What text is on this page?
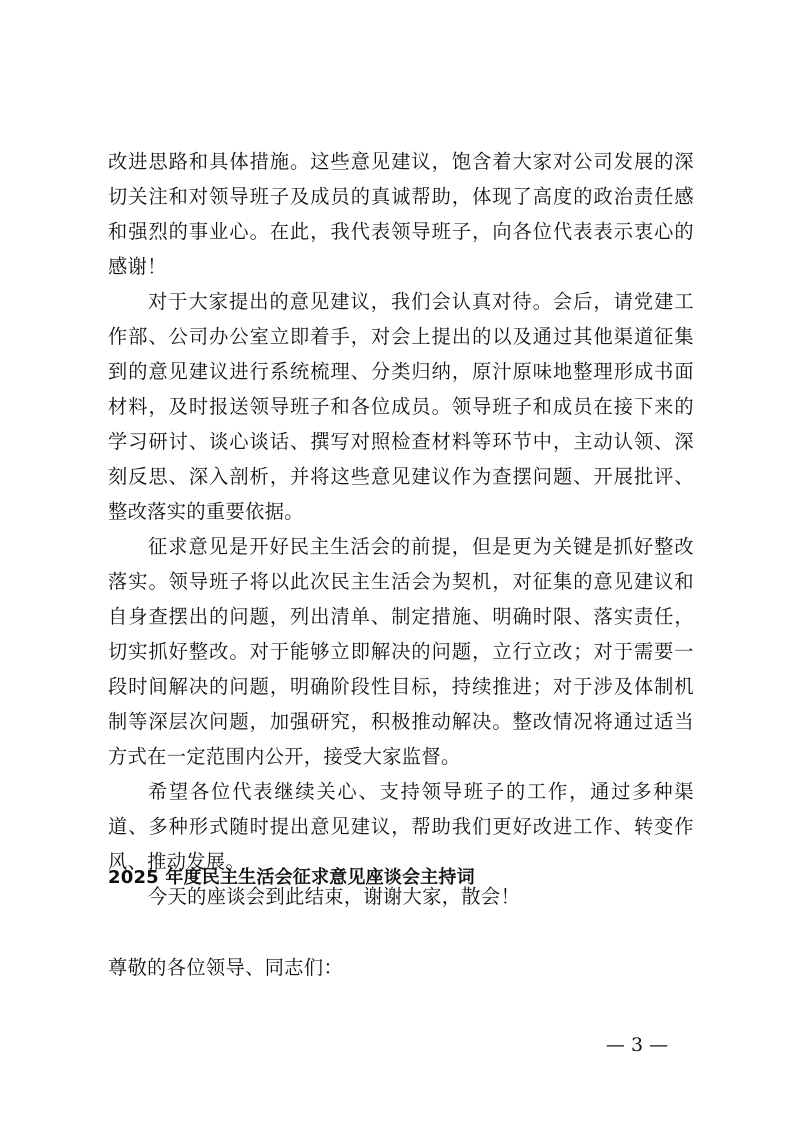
改进思路和具体措施。这些意见建议，饱含着大家对公司发展的深切关注和对领导班子及成员的真诚帮助，体现了高度的政治责任感和强烈的事业心。在此，我代表领导班子，向各位代表表示衷心的感谢！

对于大家提出的意见建议，我们会认真对待。会后，请党建工作部、公司办公室立即着手，对会上提出的以及通过其他渠道征集到的意见建议进行系统梳理、分类归纳，原汁原味地整理形成书面材料，及时报送领导班子和各位成员。领导班子和成员在接下来的学习研讨、谈心谈话、撰写对照检查材料等环节中，主动认领、深刻反思、深入剖析，并将这些意见建议作为查摆问题、开展批评、整改落实的重要依据。

征求意见是开好民主生活会的前提，但是更为关键是抓好整改落实。领导班子将以此次民主生活会为契机，对征集的意见建议和自身查摆出的问题，列出清单、制定措施、明确时限、落实责任，切实抓好整改。对于能够立即解决的问题，立行立改；对于需要一段时间解决的问题，明确阶段性目标，持续推进；对于涉及体制机制等深层次问题，加强研究，积极推动解决。整改情况将通过适当方式在一定范围内公开，接受大家监督。

希望各位代表继续关心、支持领导班子的工作，通过多种渠道、多种形式随时提出意见建议，帮助我们更好改进工作、转变作风、推动发展。

今天的座谈会到此结束，谢谢大家，散会！

2025 年度民主生活会征求意见座谈会主持词

尊敬的各位领导、同志们：

— 3 —
